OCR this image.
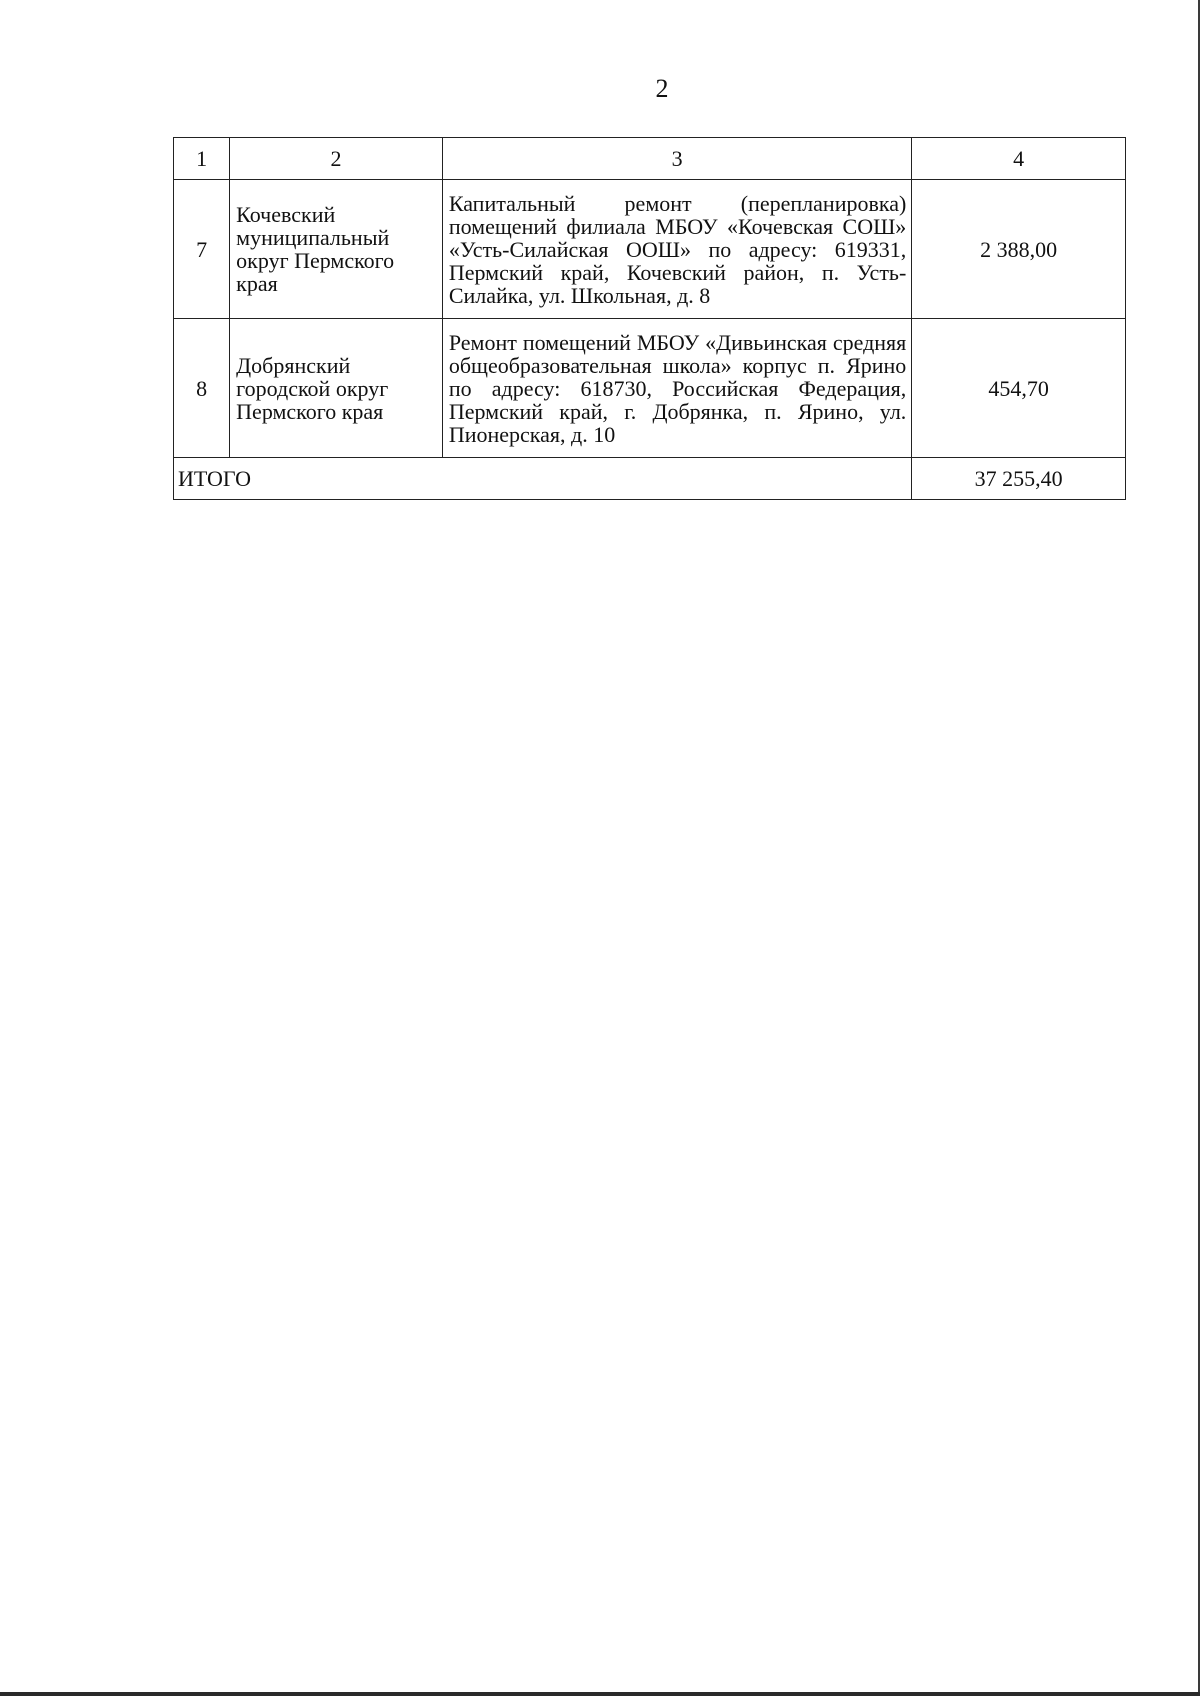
2
1	2	3	4
7	Кочевский муниципальный округ Пермского края	Капитальный ремонт (перепланировка) помещений филиала МБОУ «Кочевская СОШ» «Усть-Силайская ООШ» по адресу: 619331, Пермский край, Кочевский район, п. Усть-Силайка, ул. Школьная, д. 8	2 388,00
8	Добрянский городской округ Пермского края	Ремонт помещений МБОУ «Дивьинская средняя общеобразовательная школа» корпус п. Ярино по адресу: 618730, Российская Федерация, Пермский край, г. Добрянка, п. Ярино, ул. Пионерская, д. 10	454,70
ИТОГО			37 255,40
